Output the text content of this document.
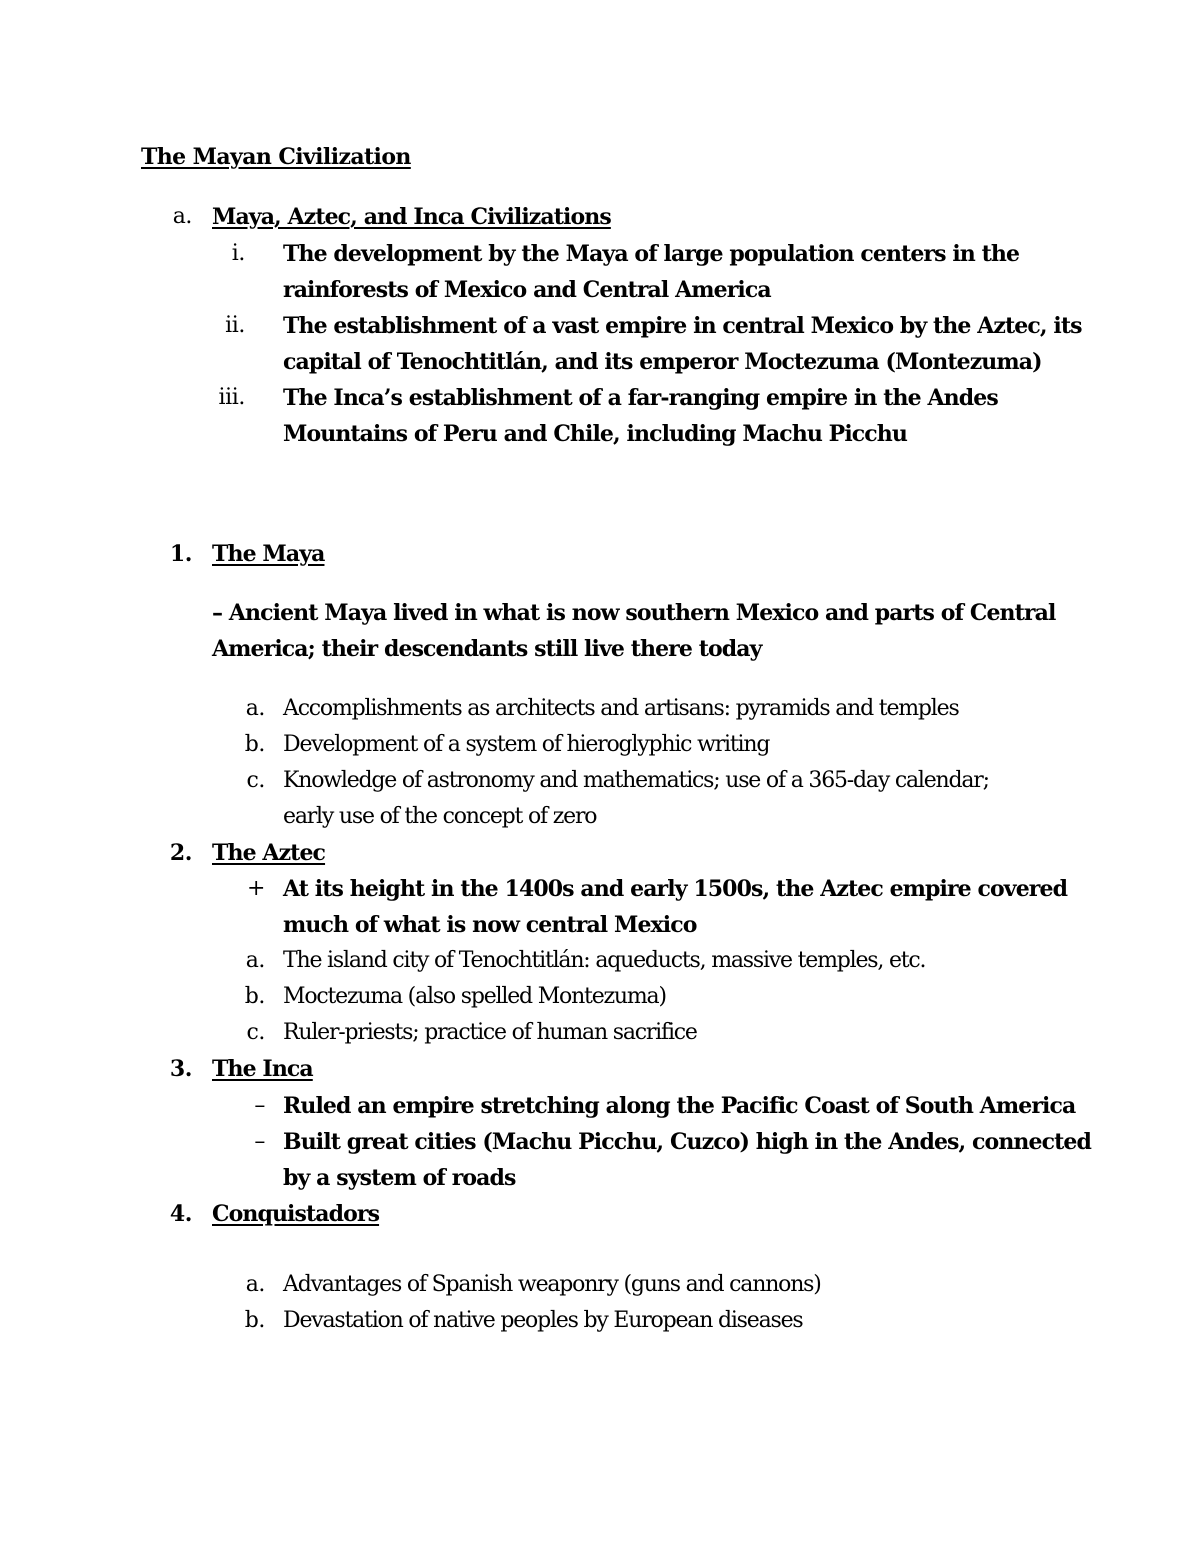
The Mayan Civilization
a. Maya, Aztec, and Inca Civilizations
i. The development by the Maya of large population centers in the
rainforests of Mexico and Central America
ii. The establishment of a vast empire in central Mexico by the Aztec, its
capital of Tenochtitlán, and its emperor Moctezuma (Montezuma)
iii. The Inca’s establishment of a far-ranging empire in the Andes
Mountains of Peru and Chile, including Machu Picchu
1. The Maya
– Ancient Maya lived in what is now southern Mexico and parts of Central
America; their descendants still live there today
a. Accomplishments as architects and artisans: pyramids and temples
b. Development of a system of hieroglyphic writing
c. Knowledge of astronomy and mathematics; use of a 365-day calendar;
early use of the concept of zero
2. The Aztec
+ At its height in the 1400s and early 1500s, the Aztec empire covered
much of what is now central Mexico
a. The island city of Tenochtitlán: aqueducts, massive temples, etc.
b. Moctezuma (also spelled Montezuma)
c. Ruler-priests; practice of human sacrifice
3. The Inca
– Ruled an empire stretching along the Pacific Coast of South America
– Built great cities (Machu Picchu, Cuzco) high in the Andes, connected
by a system of roads
4. Conquistadors
a. Advantages of Spanish weaponry (guns and cannons)
b. Devastation of native peoples by European diseases
